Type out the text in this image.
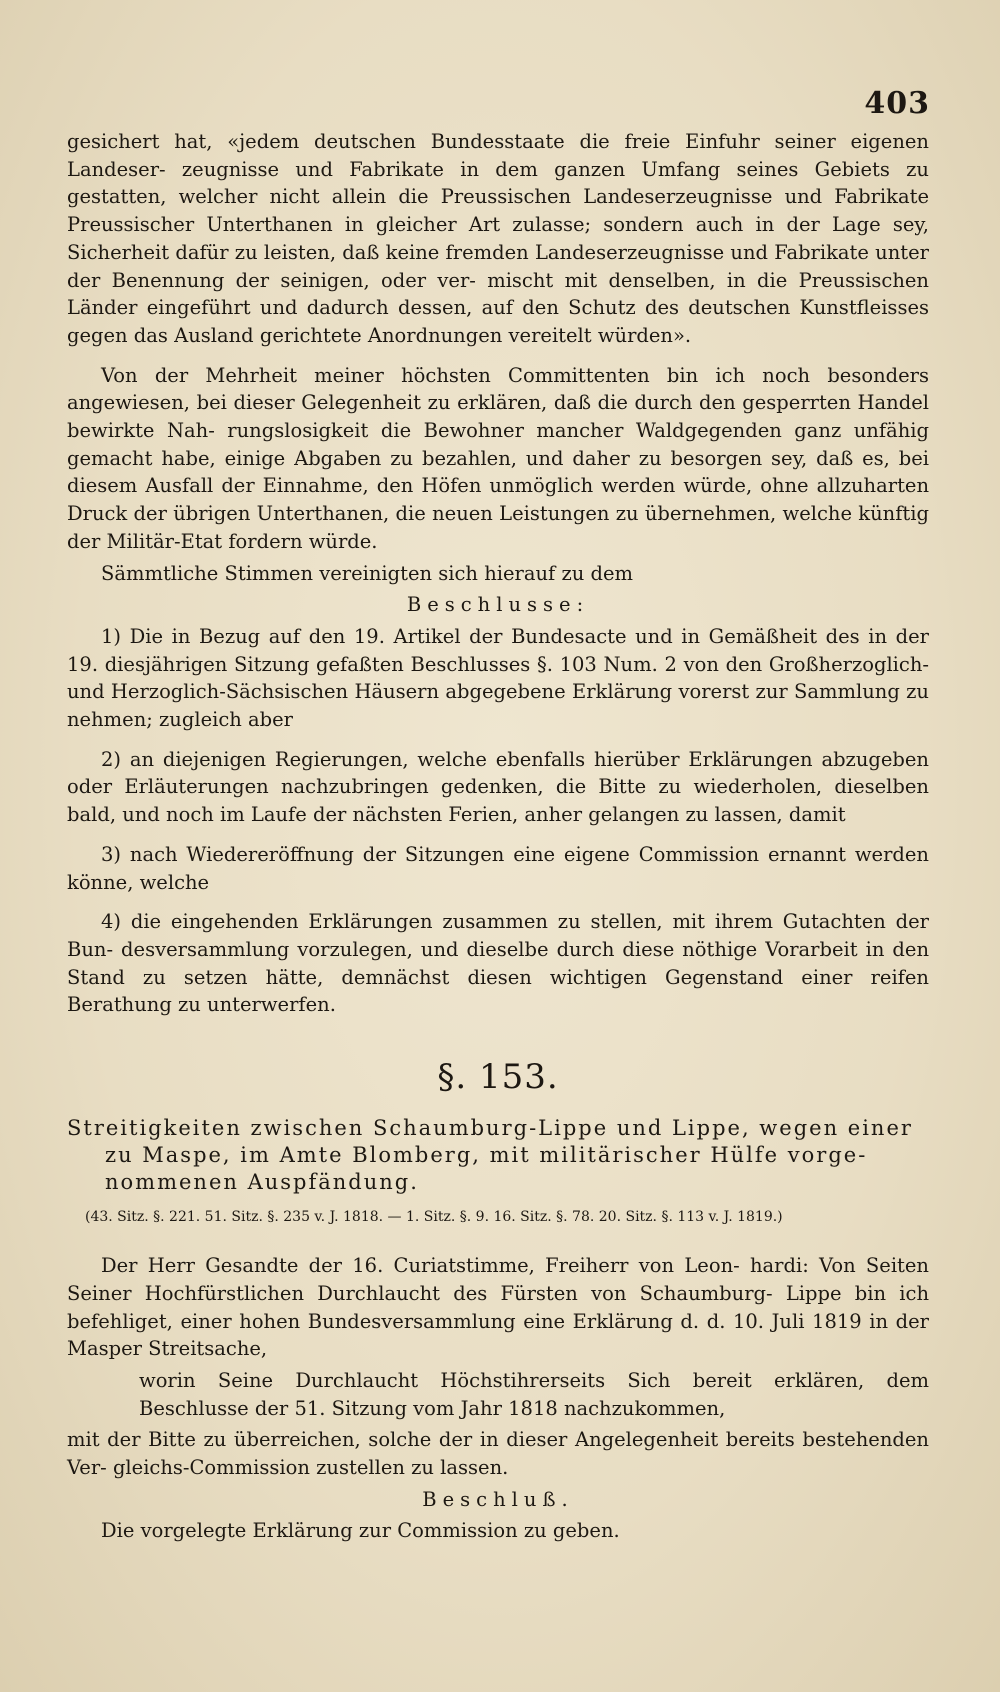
403

gesichert hat, «jedem deutschen Bundesstaate die freie Einfuhr seiner eigenen Landeser- zeugnisse und Fabrikate in dem ganzen Umfang seines Gebiets zu gestatten, welcher nicht allein die Preussischen Landeserzeugnisse und Fabrikate Preussischer Unterthanen in gleicher Art zulasse; sondern auch in der Lage sey, Sicherheit dafür zu leisten, daß keine fremden Landeserzeugnisse und Fabrikate unter der Benennung der seinigen, oder ver- mischt mit denselben, in die Preussischen Länder eingeführt und dadurch dessen, auf den Schutz des deutschen Kunstfleisses gegen das Ausland gerichtete Anordnungen vereitelt würden».

Von der Mehrheit meiner höchsten Committenten bin ich noch besonders angewiesen, bei dieser Gelegenheit zu erklären, daß die durch den gesperrten Handel bewirkte Nah- rungslosigkeit die Bewohner mancher Waldgegenden ganz unfähig gemacht habe, einige Abgaben zu bezahlen, und daher zu besorgen sey, daß es, bei diesem Ausfall der Einnahme, den Höfen unmöglich werden würde, ohne allzuharten Druck der übrigen Unterthanen, die neuen Leistungen zu übernehmen, welche künftig der Militär-Etat fordern würde.

Sämmtliche Stimmen vereinigten sich hierauf zu dem

Beschlusse:

1) Die in Bezug auf den 19. Artikel der Bundesacte und in Gemäßheit des in der 19. diesjährigen Sitzung gefaßten Beschlusses §. 103 Num. 2 von den Großherzoglich- und Herzoglich-Sächsischen Häusern abgegebene Erklärung vorerst zur Sammlung zu nehmen; zugleich aber

2) an diejenigen Regierungen, welche ebenfalls hierüber Erklärungen abzugeben oder Erläuterungen nachzubringen gedenken, die Bitte zu wiederholen, dieselben bald, und noch im Laufe der nächsten Ferien, anher gelangen zu lassen, damit

3) nach Wiedereröffnung der Sitzungen eine eigene Commission ernannt werden könne, welche

4) die eingehenden Erklärungen zusammen zu stellen, mit ihrem Gutachten der Bun- desversammlung vorzulegen, und dieselbe durch diese nöthige Vorarbeit in den Stand zu setzen hätte, demnächst diesen wichtigen Gegenstand einer reifen Berathung zu unterwerfen.

§. 153.

Streitigkeiten zwischen Schaumburg-Lippe und Lippe, wegen einer
zu Maspe, im Amte Blomberg, mit militärischer Hülfe vorge-
nommenen Auspfändung.

(43. Sitz. §. 221. 51. Sitz. §. 235 v. J. 1818. — 1. Sitz. §. 9. 16. Sitz. §. 78. 20. Sitz. §. 113 v. J. 1819.)

Der Herr Gesandte der 16. Curiatstimme, Freiherr von Leon- hardi: Von Seiten Seiner Hochfürstlichen Durchlaucht des Fürsten von Schaumburg- Lippe bin ich befehliget, einer hohen Bundesversammlung eine Erklärung d. d. 10. Juli 1819 in der Masper Streitsache,

worin Seine Durchlaucht Höchstihrerseits Sich bereit erklären, dem Beschlusse der 51. Sitzung vom Jahr 1818 nachzukommen,

mit der Bitte zu überreichen, solche der in dieser Angelegenheit bereits bestehenden Ver- gleichs-Commission zustellen zu lassen.

Beschluß.

Die vorgelegte Erklärung zur Commission zu geben.
